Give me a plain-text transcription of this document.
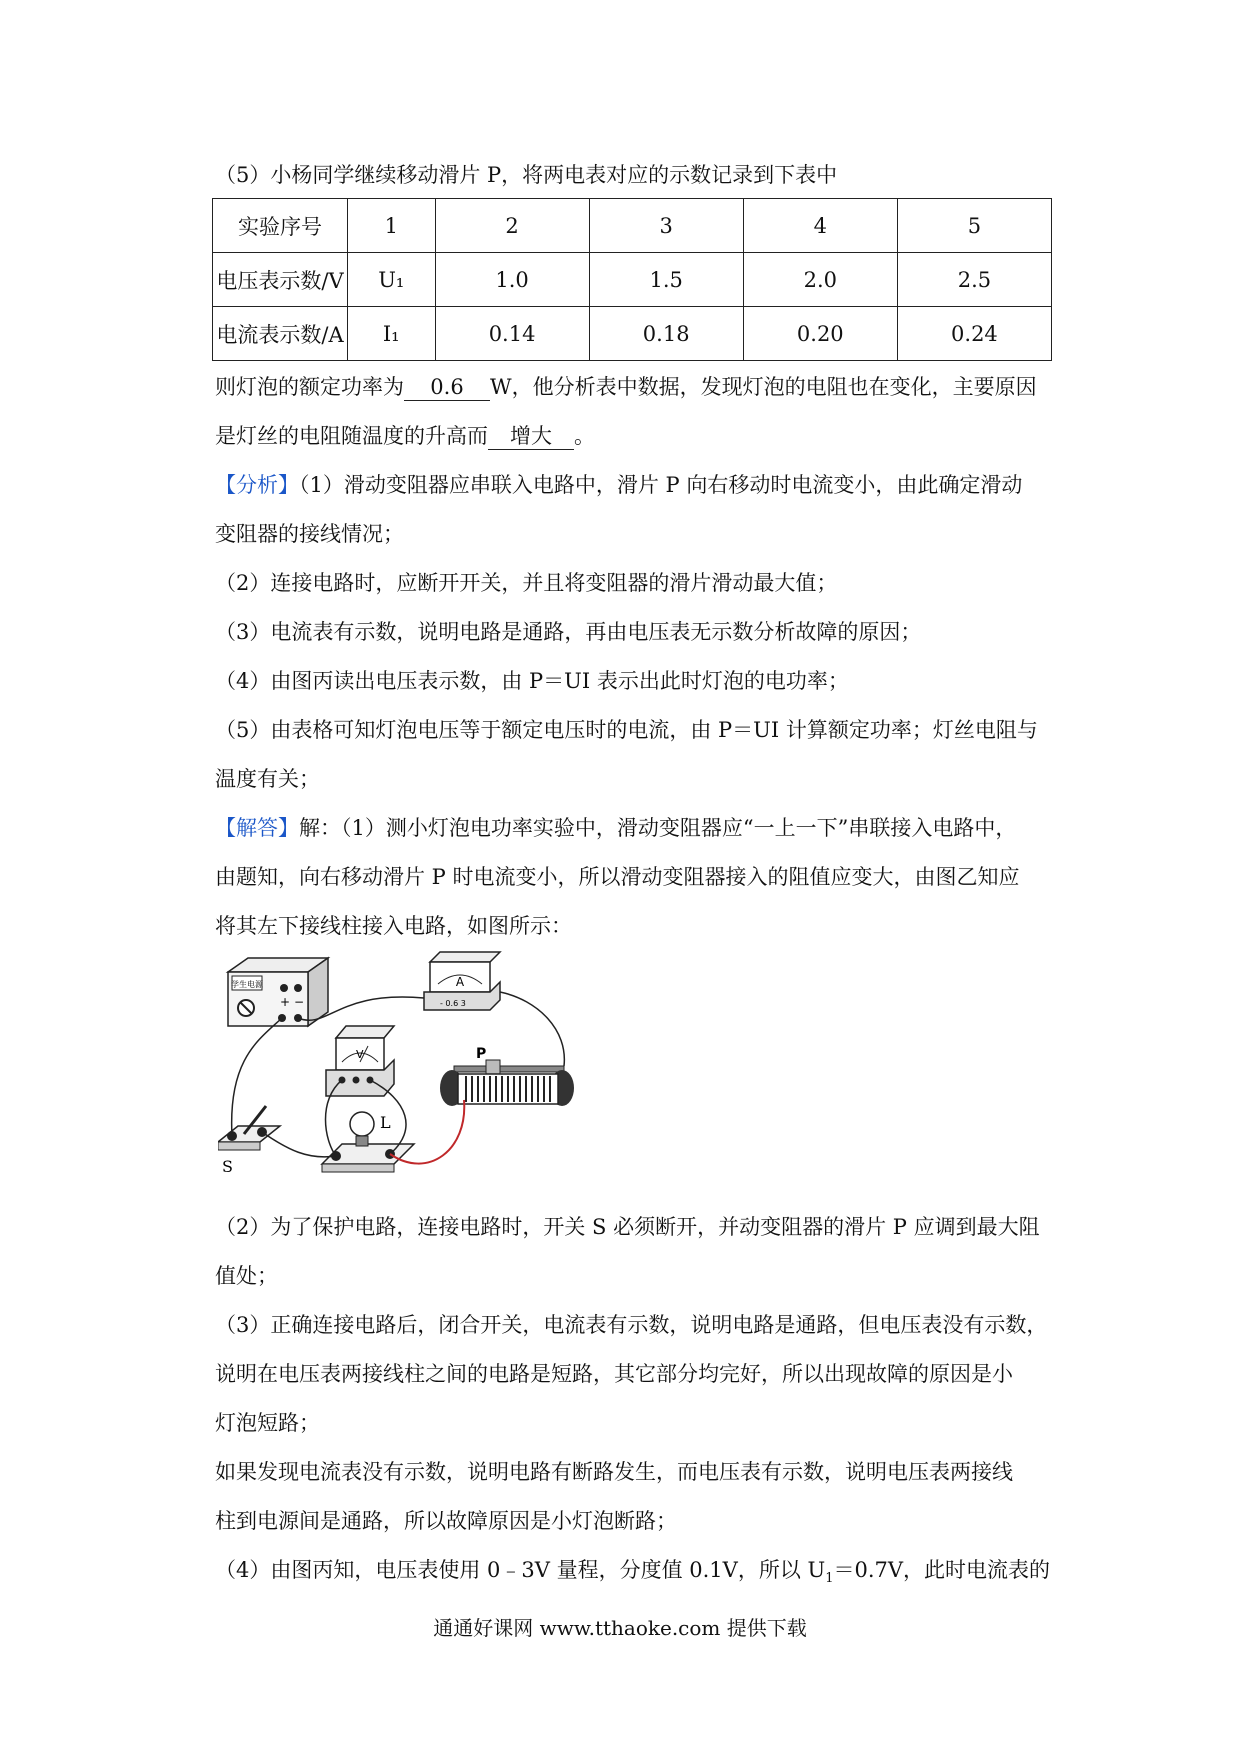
（5）小杨同学继续移动滑片 P，将两电表对应的示数记录到下表中
实验序号	1	2	3	4	5
电压表示数/V	U₁	1.0	1.5	2.0	2.5
电流表示数/A	I₁	0.14	0.18	0.20	0.24
则灯泡的额定功率为 0.6 W，他分析表中数据，发现灯泡的电阻也在变化，主要原因
是灯丝的电阻随温度的升高而 增大 。
【分析】（1）滑动变阻器应串联入电路中，滑片 P 向右移动时电流变小，由此确定滑动
变阻器的接线情况；
（2）连接电路时，应断开开关，并且将变阻器的滑片滑动最大值；
（3）电流表有示数，说明电路是通路，再由电压表无示数分析故障的原因；
（4）由图丙读出电压表示数，由 P＝UI 表示出此时灯泡的电功率；
（5）由表格可知灯泡电压等于额定电压时的电流，由 P＝UI 计算额定功率；灯丝电阻与
温度有关；
【解答】解：（1）测小灯泡电功率实验中，滑动变阻器应“一上一下”串联接入电路中，
由题知，向右移动滑片 P 时电流变小，所以滑动变阻器接入的阻值应变大，由图乙知应
将其左下接线柱接入电路，如图所示：
学生电源
+ −
A
- 0.6 3
V	P
L
S
（2）为了保护电路，连接电路时，开关 S 必须断开，并动变阻器的滑片 P 应调到最大阻
值处；
（3）正确连接电路后，闭合开关，电流表有示数，说明电路是通路，但电压表没有示数，
说明在电压表两接线柱之间的电路是短路，其它部分均完好，所以出现故障的原因是小
灯泡短路；
如果发现电流表没有示数，说明电路有断路发生，而电压表有示数，说明电压表两接线
柱到电源间是通路，所以故障原因是小灯泡断路；
（4）由图丙知，电压表使用 0﹣3V 量程，分度值 0.1V，所以 $U_1=0.7V$，此时电流表的
通通好课网 www.tthaoke.com 提供下载
